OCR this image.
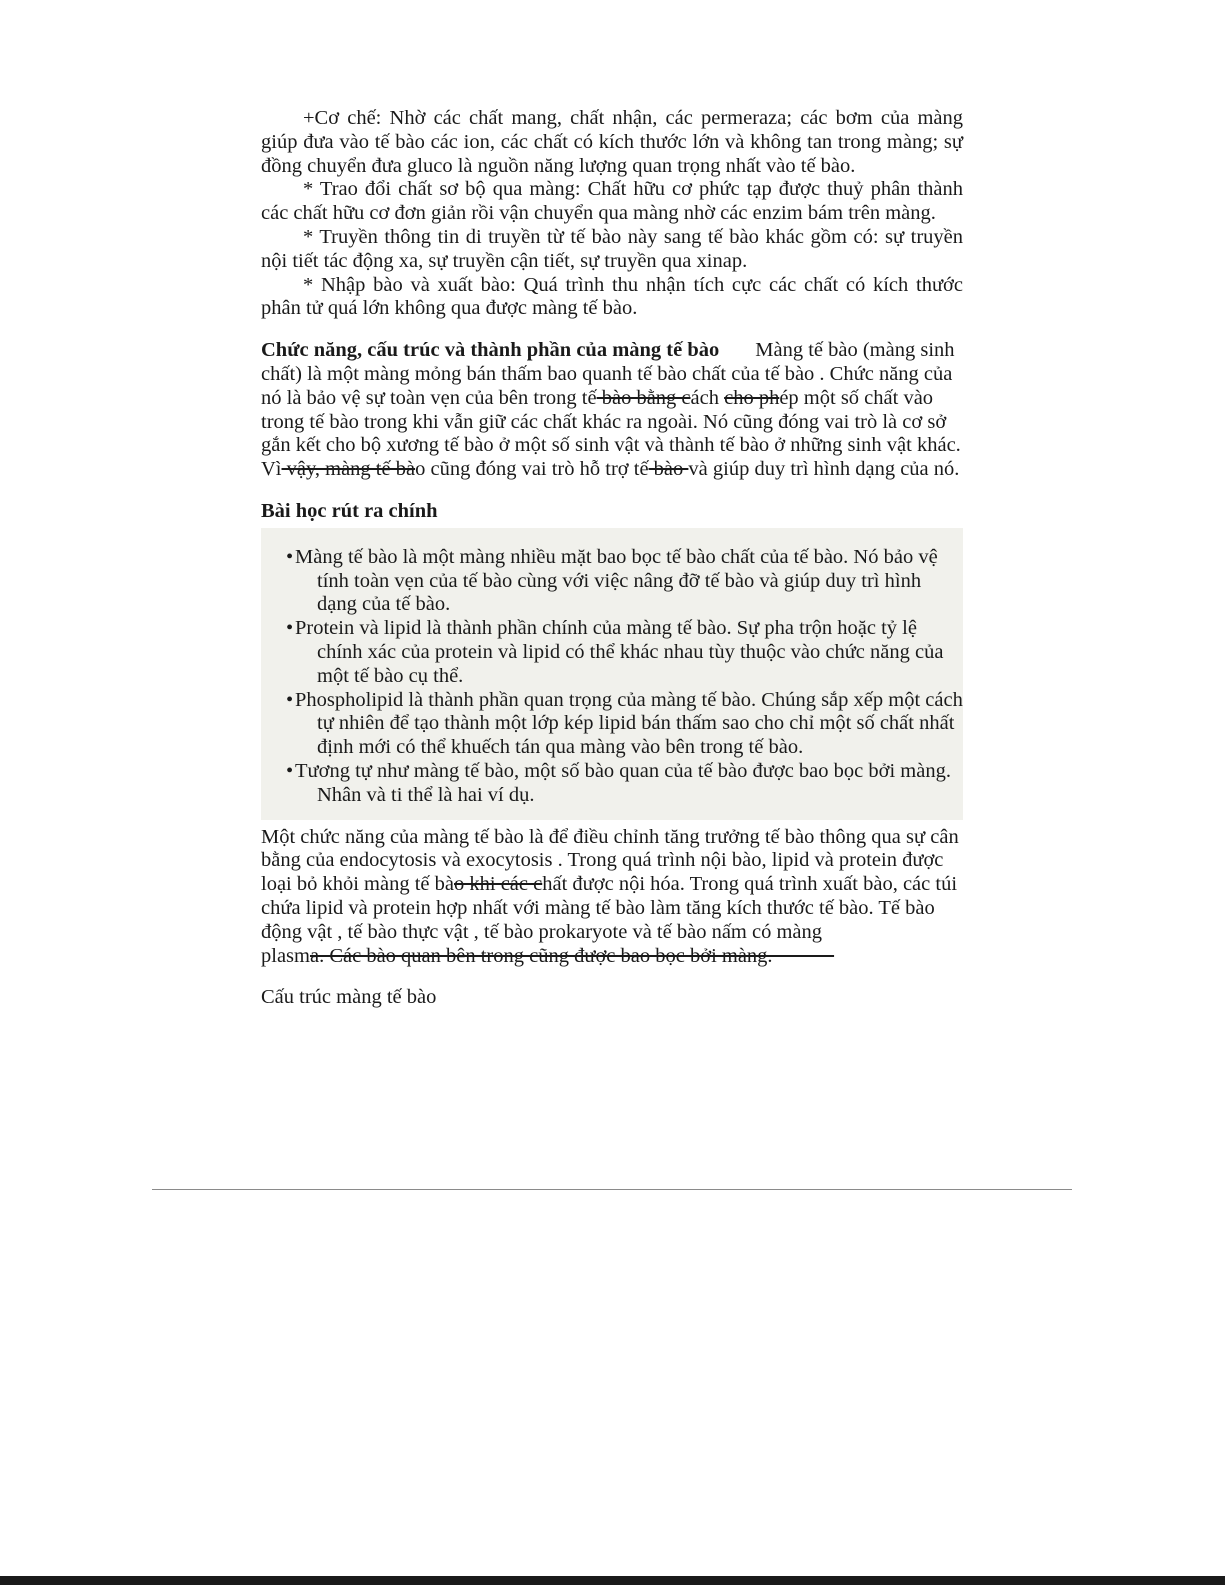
+Cơ chế: Nhờ các chất mang, chất nhận, các permeraza; các bơm của màng giúp đưa vào tế bào các ion, các chất có kích thước lớn và không tan trong màng; sự đồng chuyển đưa gluco là nguồn năng lượng quan trọng nhất vào tế bào.

* Trao đổi chất sơ bộ qua màng: Chất hữu cơ phức tạp được thuỷ phân thành các chất hữu cơ đơn giản rồi vận chuyển qua màng nhờ các enzim bám trên màng.

* Truyền thông tin di truyền từ tế bào này sang tế bào khác gồm có: sự truyền nội tiết tác động xa, sự truyền cận tiết, sự truyền qua xinap.

* Nhập bào và xuất bào: Quá trình thu nhận tích cực các chất có kích thước phân tử quá lớn không qua được màng tế bào.

Chức năng, cấu trúc và thành phần của màng tế bào Màng tế bào (màng sinh chất) là một màng mỏng bán thấm bao quanh tế bào chất của tế bào . Chức năng của nó là bảo vệ sự toàn vẹn của bên trong tế bào bằng cách cho phép một số chất vào trong tế bào trong khi vẫn giữ các chất khác ra ngoài. Nó cũng đóng vai trò là cơ sở gắn kết cho bộ xương tế bào ở một số sinh vật và thành tế bào ở những sinh vật khác. Vì vậy, màng tế bào cũng đóng vai trò hỗ trợ tế bào và giúp duy trì hình dạng của nó.

Bài học rút ra chính

• Màng tế bào là một màng nhiều mặt bao bọc tế bào chất của tế bào. Nó bảo vệ tính toàn vẹn của tế bào cùng với việc nâng đỡ tế bào và giúp duy trì hình dạng của tế bào.
• Protein và lipid là thành phần chính của màng tế bào. Sự pha trộn hoặc tỷ lệ chính xác của protein và lipid có thể khác nhau tùy thuộc vào chức năng của một tế bào cụ thể.
• Phospholipid là thành phần quan trọng của màng tế bào. Chúng sắp xếp một cách tự nhiên để tạo thành một lớp kép lipid bán thấm sao cho chỉ một số chất nhất định mới có thể khuếch tán qua màng vào bên trong tế bào.
• Tương tự như màng tế bào, một số bào quan của tế bào được bao bọc bởi màng. Nhân và ti thể là hai ví dụ.

Một chức năng của màng tế bào là để điều chỉnh tăng trưởng tế bào thông qua sự cân bằng của endocytosis và exocytosis . Trong quá trình nội bào, lipid và protein được loại bỏ khỏi màng tế bào khi các chất được nội hóa. Trong quá trình xuất bào, các túi chứa lipid và protein hợp nhất với màng tế bào làm tăng kích thước tế bào. Tế bào động vật , tế bào thực vật , tế bào prokaryote và tế bào nấm có màng plasma. Các bào quan bên trong cũng được bao bọc bởi màng.

Cấu trúc màng tế bào
